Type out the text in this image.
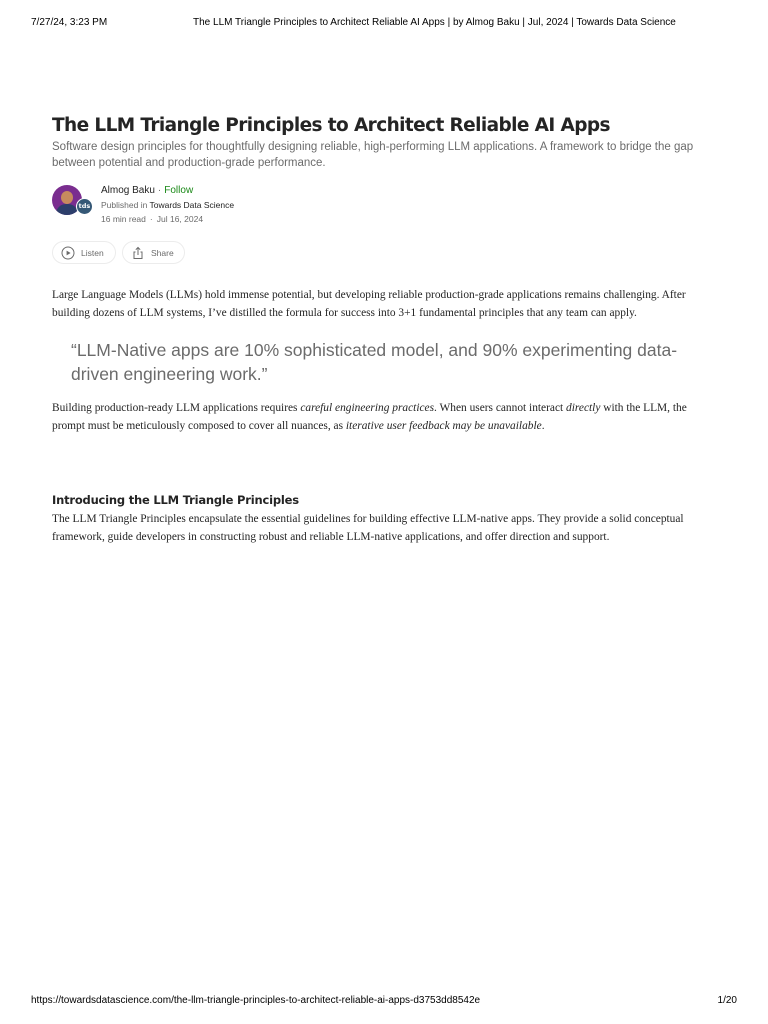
7/27/24, 3:23 PM	The LLM Triangle Principles to Architect Reliable AI Apps | by Almog Baku | Jul, 2024 | Towards Data Science
The LLM Triangle Principles to Architect Reliable AI Apps
Software design principles for thoughtfully designing reliable, high-performing LLM applications. A framework to bridge the gap between potential and production-grade performance.
tds
Almog Baku · Follow
Published in Towards Data Science
16 min read · Jul 16, 2024
Listen	Share

Large Language Models (LLMs) hold immense potential, but developing reliable production-grade applications remains challenging. After building dozens of LLM systems, I’ve distilled the formula for success into 3+1 fundamental principles that any team can apply.

“LLM-Native apps are 10% sophisticated model, and 90% experimenting data-driven engineering work.”

Building production-ready LLM applications requires careful engineering practices. When users cannot interact directly with the LLM, the prompt must be meticulously composed to cover all nuances, as iterative user feedback may be unavailable.

Introducing the LLM Triangle Principles

The LLM Triangle Principles encapsulate the essential guidelines for building effective LLM-native apps. They provide a solid conceptual framework, guide developers in constructing robust and reliable LLM-native applications, and offer direction and support.

https://towardsdatascience.com/the-llm-triangle-principles-to-architect-reliable-ai-apps-d3753dd8542e	1/20
